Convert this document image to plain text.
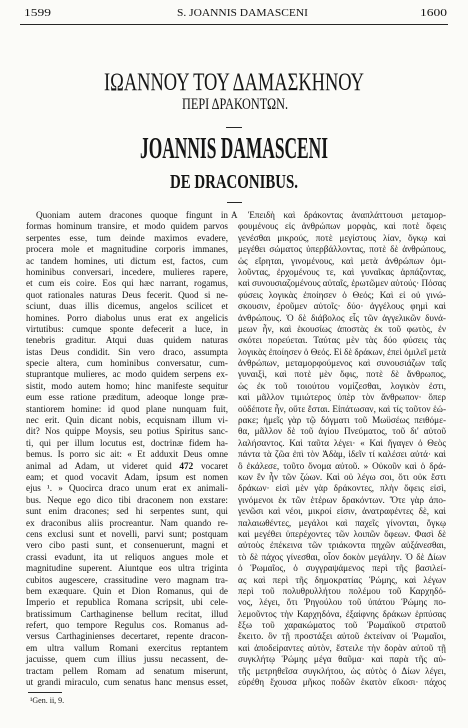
1599	S. JOANNIS DAMASCENI	1600
ΙΩΑΝΝΟΥ ΤΟΥ ΔΑΜΑΣΚΗΝΟΥ
ΠΕΡΙ ΔΡΑΚΟΝΤΩΝ.
JOANNIS DAMASCENI
DE DRACONIBUS.
Quoniam autem dracones quoque fingunt in
formas hominum transire, et modo quidem parvos
serpentes esse, tum deinde maximos evadere,
procera mole et magnitudine corporis immanes,
ac tandem homines, uti dictum est, factos, cum
hominibus conversari, incedere, mulieres rapere,
et cum eis coire. Eos qui hæc narrant, rogamus,
quot rationales naturas Deus fecerit. Quod si ne-
sciunt, duas illis dicemus, angelos scilicet et
homines. Porro diabolus unus erat ex angelicis
virtutibus: cumque sponte defecerit a luce, in
tenebris graditur. Atqui duas quidem naturas
istas Deus condidit. Sin vero draco, assumpta
specie altera, cum hominibus conversatur, cum-
stuprantque mulieres, ac modo quidem serpens ex-
sistit, modo autem homo; hinc manifeste sequitur
eum esse ratione præditum, adeoque longe præ-
stantiorem homine: id quod plane nunquam fuit,
nec erit. Quin dicant nobis, ecquisnam illum vi-
dit? Nos quippe Moysis, seu potius Spiritus sanc-
ti, qui per illum locutus est, doctrinæ fidem ha-
bemus. Is porro sic ait: « Et adduxit Deus omne
animal ad Adam, ut videret quid 472 vocaret
eam; et quod vocavit Adam, ipsum est nomen
ejus ¹. » Quocirca draco unum erat ex animali-
bus. Neque ego dico tibi draconem non exstare:
sunt enim dracones; sed hi serpentes sunt, qui
ex draconibus aliis procreantur. Nam quando re-
cens exclusi sunt et novelli, parvi sunt; postquam
vero cibo pasti sunt, et consenuerunt, magni et
crassi evadunt, ita ut reliquos angues mole et
magnitudine superent. Aiuntque eos ultra triginta
cubitos augescere, crassitudine vero magnam tra-
bem exæquare. Quin et Dion Romanus, qui de
Imperio et republica Romana scripsit, ubi cele-
bratissimum Carthaginense bellum recitat, illud
refert, quo tempore Regulus cos. Romanus ad-
versus Carthaginienses decertaret, repente dracon-
em ultra vallum Romani exercitus reptantem
jacuisse, quem cum illius jussu necassent, de-
tractam pellem Romam ad senatum miserunt,
ut grandi miraculo, cum senatus hanc mensus esset,
A	Ἐπειδὴ καὶ δράκοντας ἀναπλάττουσι μεταμορ-
φουμένους εἰς ἀνθρώπων μορφὰς, καὶ ποτὲ ὄφεις
γενέσθαι μικρούς, ποτὲ μεγίστους λίαν, ὄγκῳ καὶ
μεγέθει σώματος ὑπερβάλλοντας, ποτὲ δὲ ἀνθρώπους,
ὡς εἴρηται, γινομένους, καὶ μετὰ ἀνθρώπων ὁμι-
λοῦντας, ἐρχομένους τε, καὶ γυναῖκας ἁρπάζοντας,
καὶ συνουσιαζομένους αὐταῖς, ἐρωτῶμεν αὐτούς· Πόσας
φύσεις λογικὰς ἐποίησεν ὁ Θεός; Καὶ εἰ οὐ γινώ-
σκουσιν, ἐροῦμεν αὐτοῖς· δύο· ἀγγέλους φημὶ καὶ
ἀνθρώπους. Ὁ δὲ διάβολος εἷς τῶν ἀγγελικῶν δυνά-
μεων ἦν, καὶ ἑκουσίως ἀποστὰς ἐκ τοῦ φωτὸς, ἐν
σκότει πορεύεται. Ταύτας μὲν τὰς δύο φύσεις τὰς
λογικὰς ἐποίησεν ὁ Θεός. Εἰ δὲ δράκων, ἐπεὶ ὁμιλεῖ μετὰ
ἀνθρώπων, μεταμορφούμενος καὶ συνουσιάζων ταῖς
γυναιξὶ, καὶ ποτὲ μὲν ὄφις, ποτὲ δὲ ἄνθρωπος,
ὡς ἐκ τοῦ τοιούτου νομίζεσθαι, λογικὸν ἐστι,
καὶ μᾶλλον τιμιώτερος ὑπὲρ τὸν ἄνθρωπον· ὅπερ
οὐδέποτε ἦν, οὔτε ἔσται. Εἰπάτωσαν, καὶ τίς τοῦτον ἑώ-
ρακε; ἡμεῖς γὰρ τῷ δόγματι τοῦ Μωϋσέως πειθόμε-
θα, μᾶλλον δὲ τοῦ ἁγίου Πνεύματος, τοῦ δι' αὐτοῦ
λαλήσαντος. Καὶ ταῦτα λέγει· « Καὶ ἤγαγεν ὁ Θεὸς
πάντα τὰ ζῶα ἐπὶ τὸν Ἀδὰμ, ἰδεῖν τί καλέσει αὐτά· καὶ
ὃ ἐκάλεσε, τοῦτο ὄνομα αὐτοῦ. » Οὐκοῦν καὶ ὁ δρά-
κων ἓν ἦν τῶν ζώων. Καὶ οὐ λέγω σοι, ὅτι οὐκ ἔστι
δράκων· εἰσὶ μὲν γὰρ δράκοντες, πλὴν ὄφεις εἰσὶ,
γινόμενοι ἐκ τῶν ἑτέρων δρακόντων. Ὅτε γὰρ ἀπο-
γενῶσι καὶ νέοι, μικροί εἰσιν, ἀνατραφέντες δὲ, καὶ
παλαιωθέντες, μεγάλοι καὶ παχεῖς γίνονται, ὄγκῳ
καὶ μεγέθει ὑπερέχοντες τῶν λοιπῶν ὄφεων. Φασὶ δὲ
αὐτοὺς ἐπέκεινα τῶν τριάκοντα πηχῶν αὐξάνεσθαι,
τὸ δὲ πάχος γίνεσθαι, οἷον δοκὸν μεγάλην. Ὁ δὲ Δίων
ὁ Ῥωμαῖος, ὁ συγγραψάμενος περὶ τῆς βασιλεί-
ας καὶ περὶ τῆς δημοκρατίας Ῥώμης, καὶ λέγων
περὶ τοῦ πολυθρυλλήτου πολέμου τοῦ Καρχηδό-
νος, λέγει, ὅτι Ῥηγούλου τοῦ ὑπάτου Ῥώμης πο-
λεμοῦντος τὴν Καρχηδόνα, ἐξαίφνης δράκων ἑρπύσας
ἔξω τοῦ χαρακώματος τοῦ Ῥωμαϊκοῦ στρατοῦ
ἔκειτο. ὃν τῇ προστάξει αὐτοῦ ἐκτείναν οἱ Ῥωμαῖοι,
καὶ ἀποδείραντες αὐτὸν, ἔστειλε τὴν δορὰν αὐτοῦ τῇ
συγκλήτῳ Ῥώμης μέγα θαῦμα· καὶ παρὰ τῆς αὐ-
τῆς μετρηθεῖσα συγκλήτου, ὡς αὐτὸς ὁ Δίων λέγει,
εὑρέθη ἔχουσα μῆκος ποδῶν ἑκατὸν εἴκοσι· πάχος
¹Gen. ii, 9.
